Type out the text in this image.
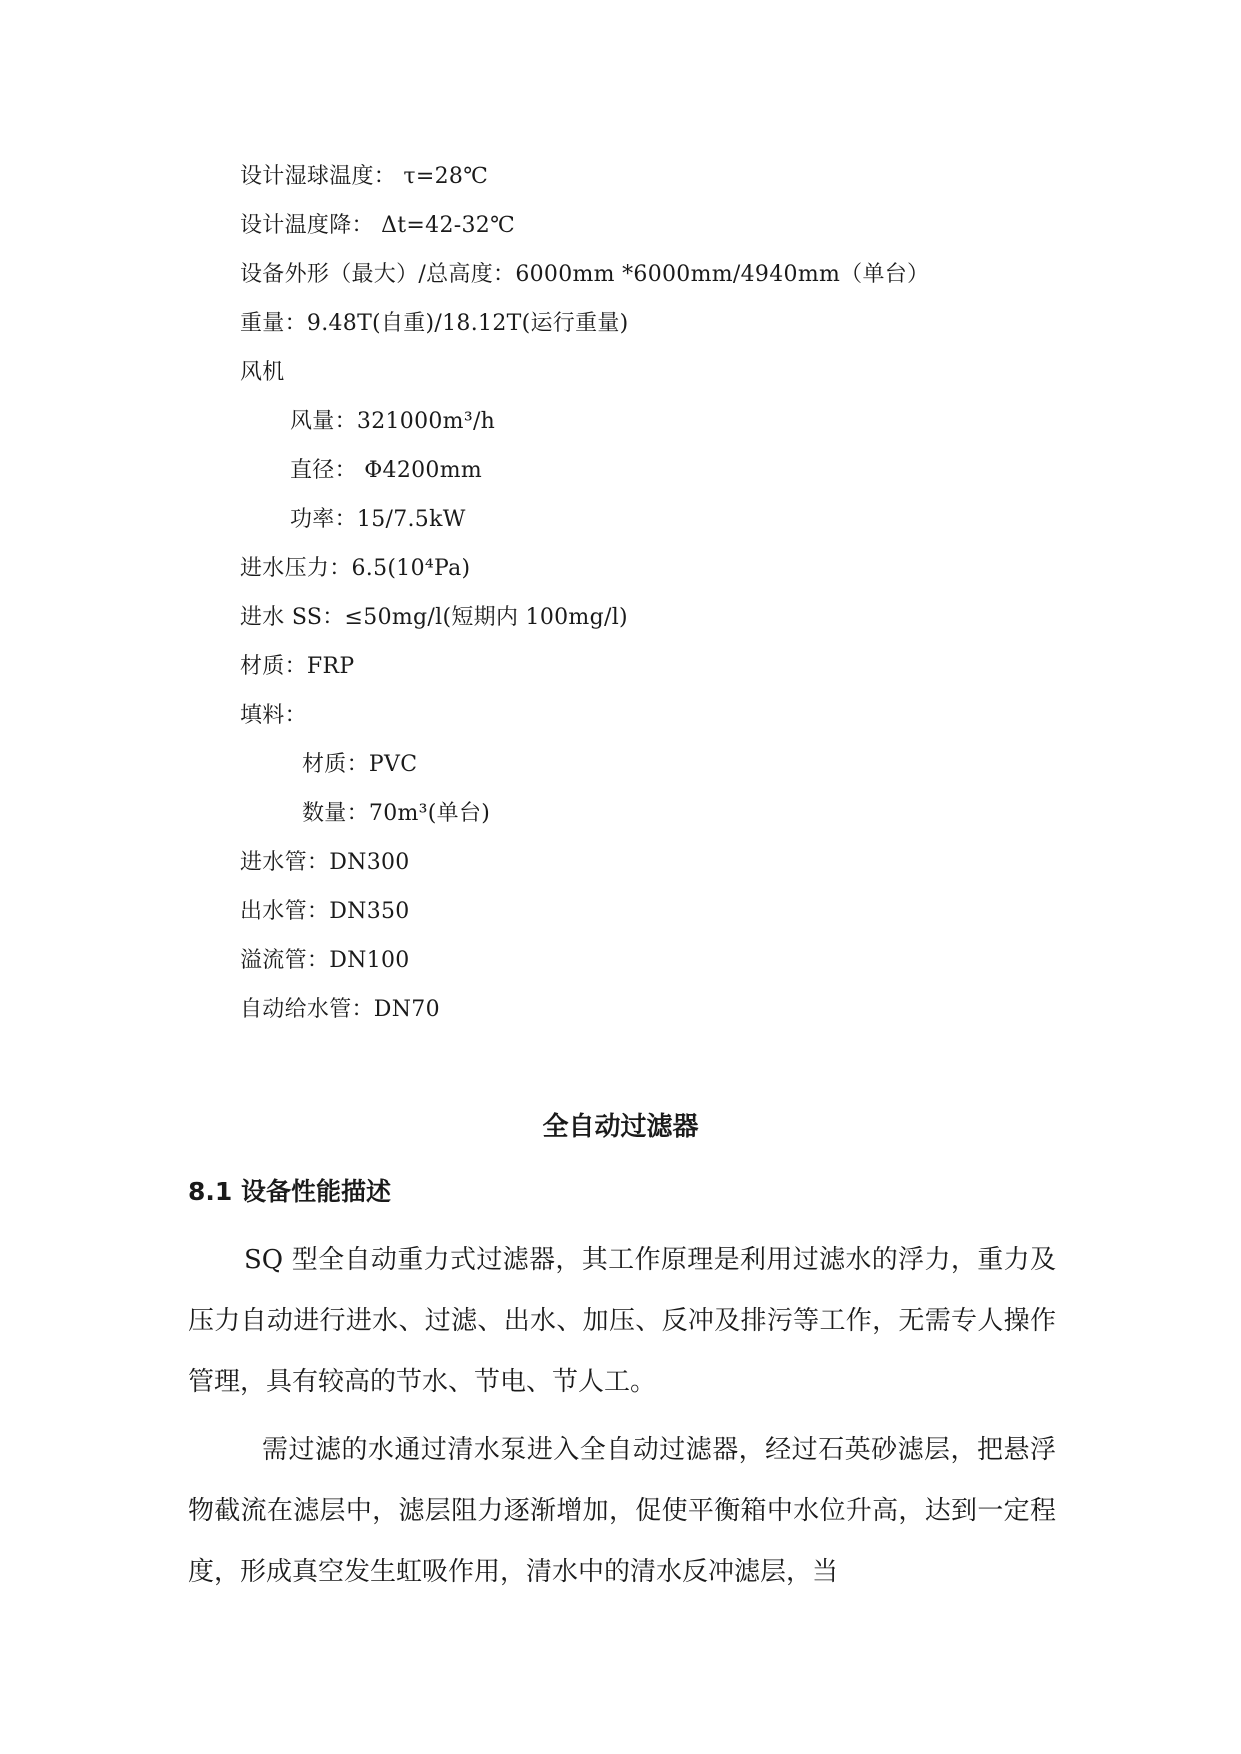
设计湿球温度： τ=28℃
设计温度降： Δt=42-32℃
设备外形（最大）/总高度：6000mm *6000mm/4940mm（单台）
重量：9.48T(自重)/18.12T(运行重量)
风机
风量：321000m³/h
直径： Φ4200mm
功率：15/7.5kW
进水压力：6.5(10⁴Pa)
进水 SS：≤50mg/l(短期内 100mg/l)
材质：FRP
填料：
材质：PVC
数量：70m³(单台)
进水管：DN300
出水管：DN350
溢流管：DN100
自动给水管：DN70
全自动过滤器
8.1 设备性能描述

SQ 型全自动重力式过滤器，其工作原理是利用过滤水的浮力，重力及压力自动进行进水、过滤、出水、加压、反冲及排污等工作，无需专人操作管理，具有较高的节水、节电、节人工。

需过滤的水通过清水泵进入全自动过滤器，经过石英砂滤层，把悬浮物截流在滤层中，滤层阻力逐渐增加，促使平衡箱中水位升高，达到一定程度，形成真空发生虹吸作用，清水中的清水反冲滤层，当
